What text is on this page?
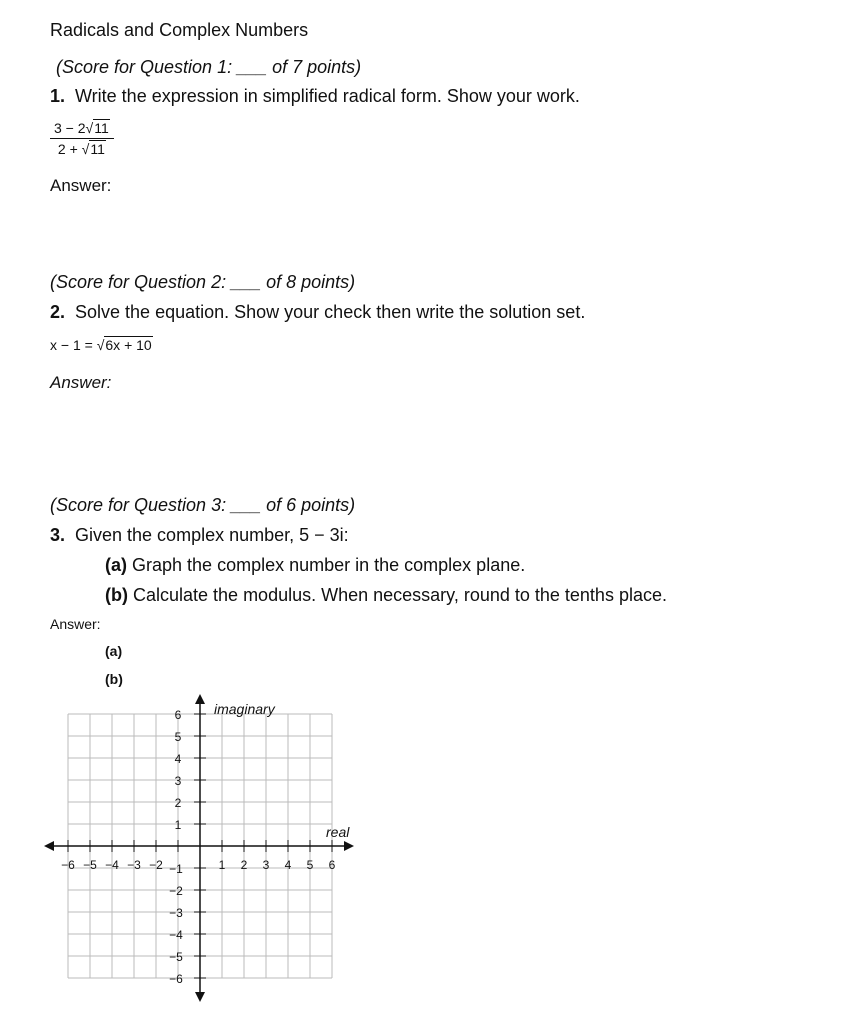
Radicals and Complex Numbers
(Score for Question 1: ___ of 7 points)
1. Write the expression in simplified radical form. Show your work.
$\frac{3 - 2√11}{2 + √11}$
Answer:
(Score for Question 2: ___ of 8 points)
2. Solve the equation. Show your check then write the solution set.
x − 1 = √6x + 10
Answer:
(Score for Question 3: ___ of 6 points)
3. Given the complex number, 5 − 3i:
(a) Graph the complex number in the complex plane.
(b) Calculate the modulus. When necessary, round to the tenths place.
Answer:
(a)
(b)
−6 −5 −4 −3 −2	1 2 3 4 5 6
6
5
4
3
2
1
−1
−2
−3
−4
−5
−6
imaginary
real
